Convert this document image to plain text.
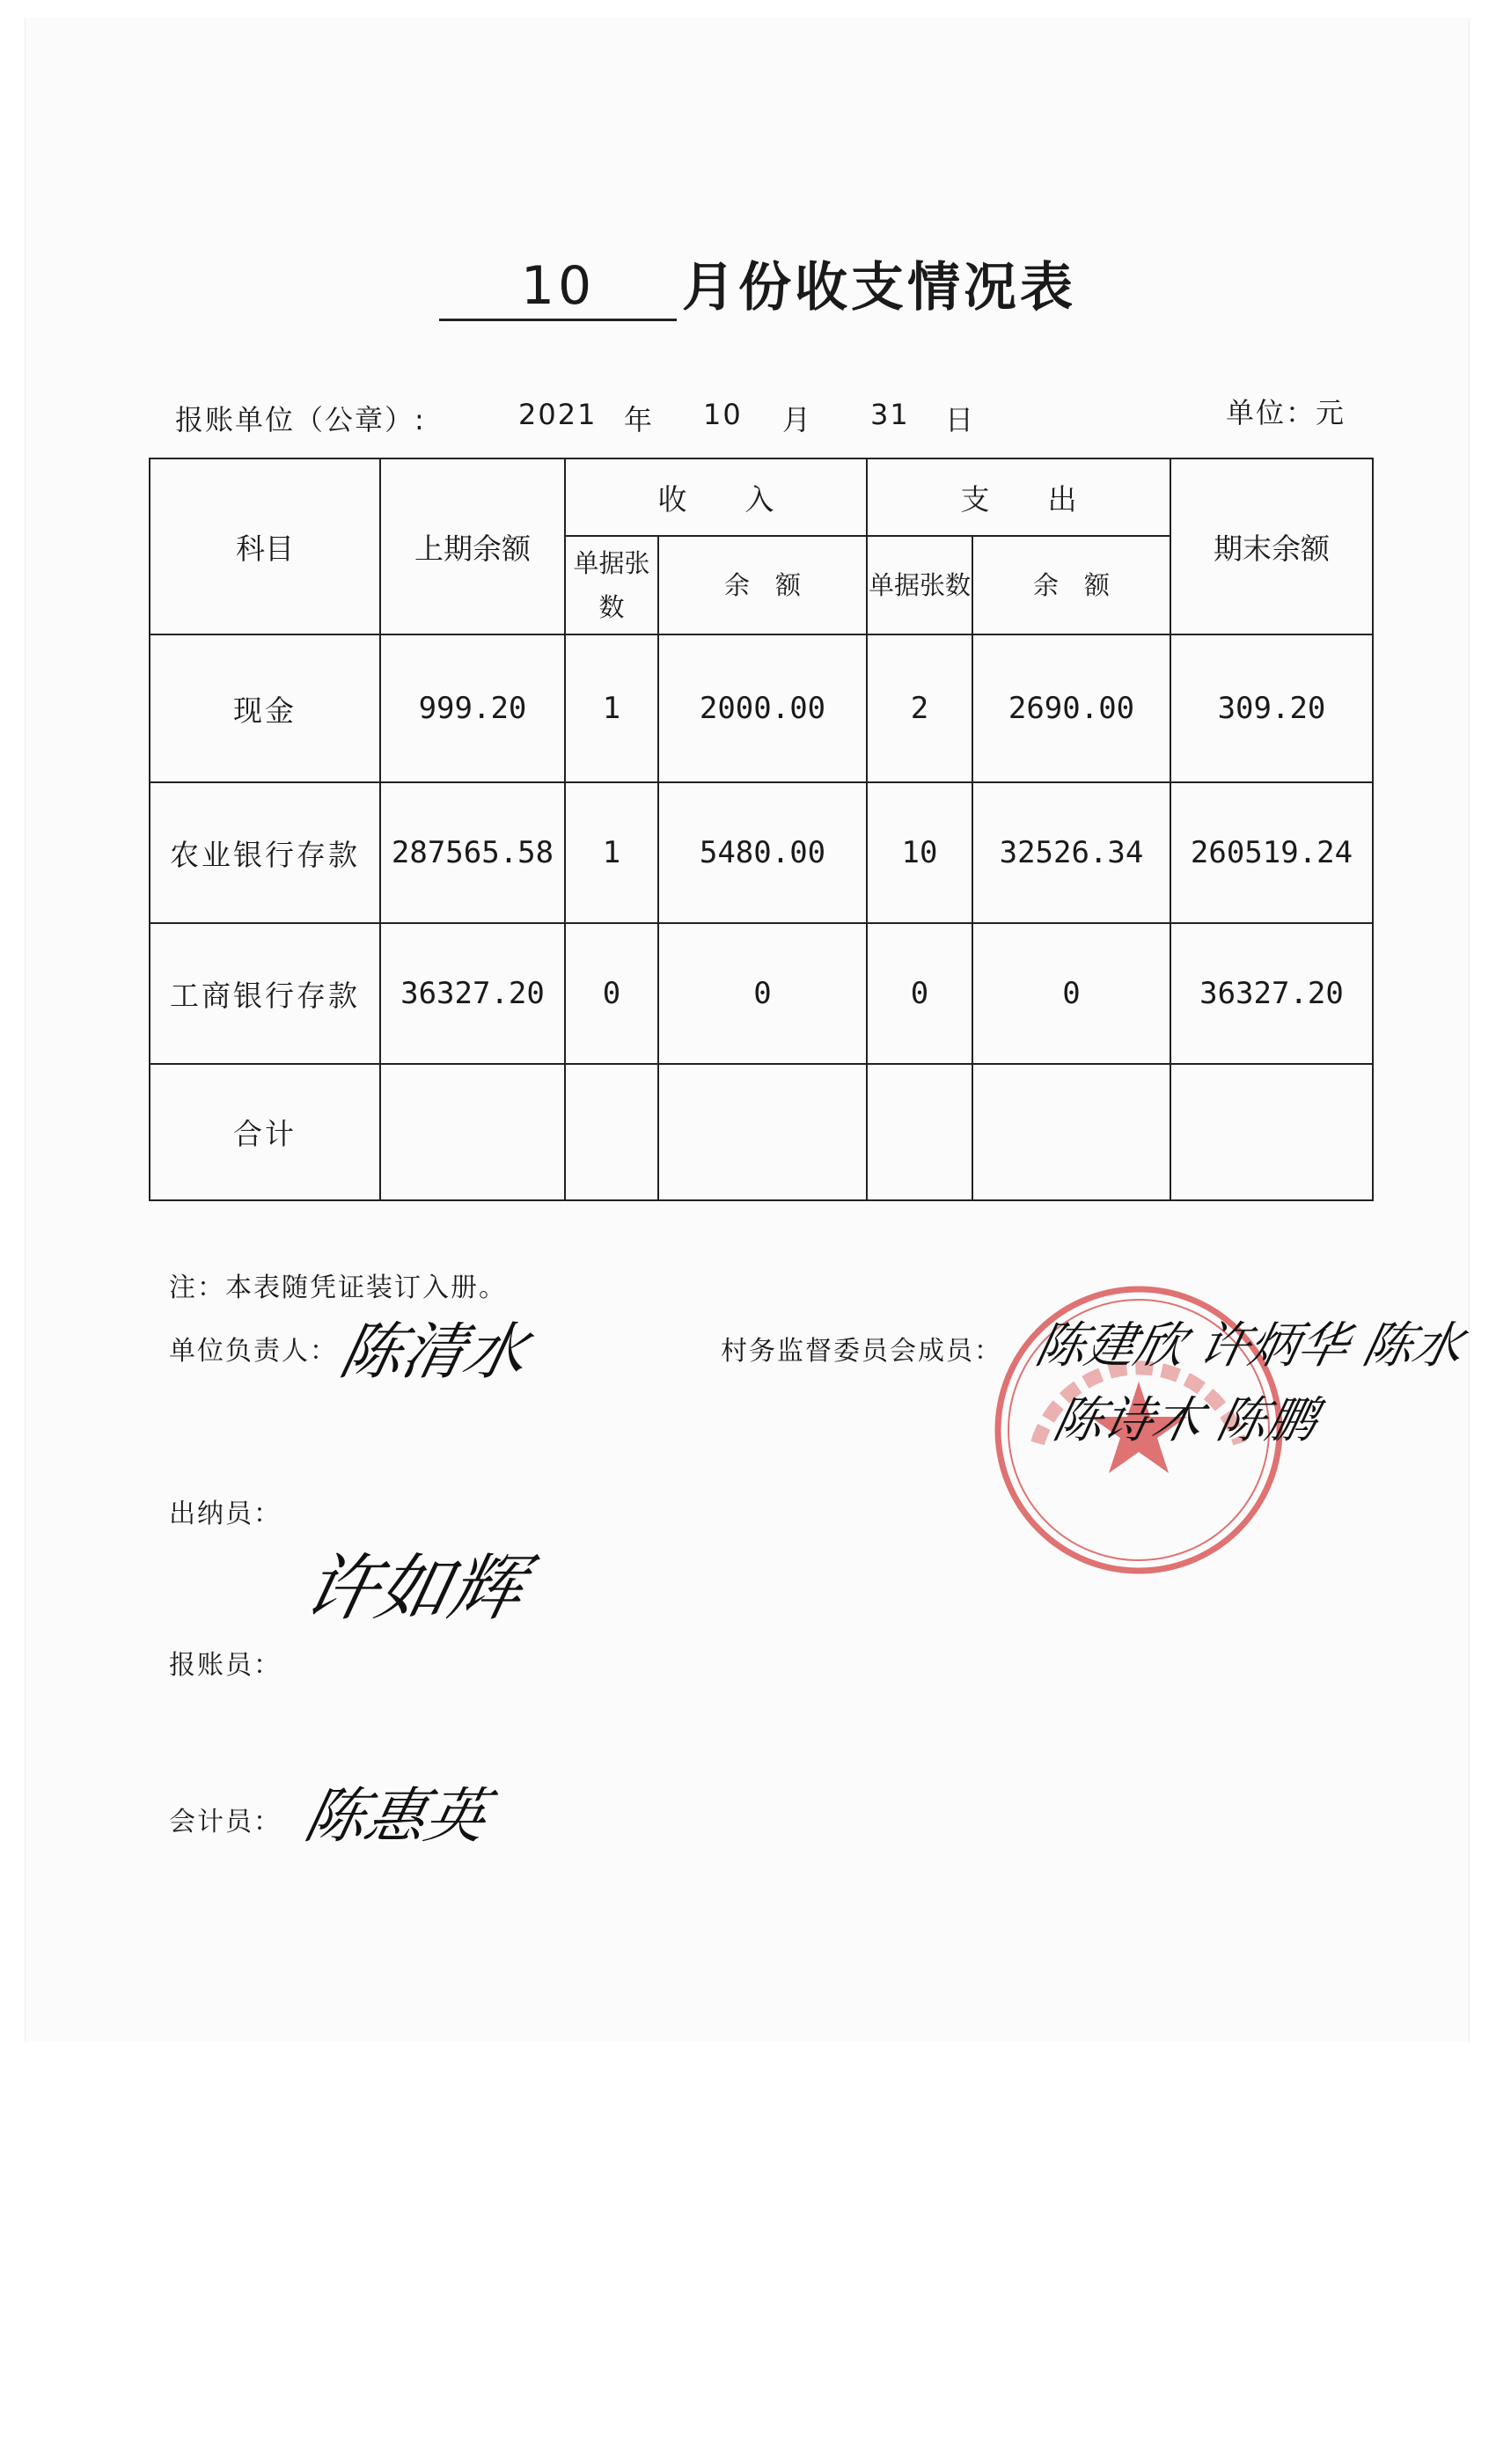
10	月份收支情况表
报账单位（公章）:	2021 年 10 月 31 日	单位：元
科目	上期余额	收　　入		支　　出		期末余额
		单据张数	余　额	单据张数	余　额	
现金	999.20	1	2000.00	2	2690.00	309.20
农业银行存款	287565.58	1	5480.00	10	32526.34	260519.24
工商银行存款	36327.20	0	0	0	0	36327.20
合计						
注：本表随凭证装订入册。
单位负责人：
陈清水	村务监督委员会成员： 陈建欣 许炳华 陈水
陈诗木 陈鹏
出纳员：
许如辉
报账员：
会计员： 陈惠英
